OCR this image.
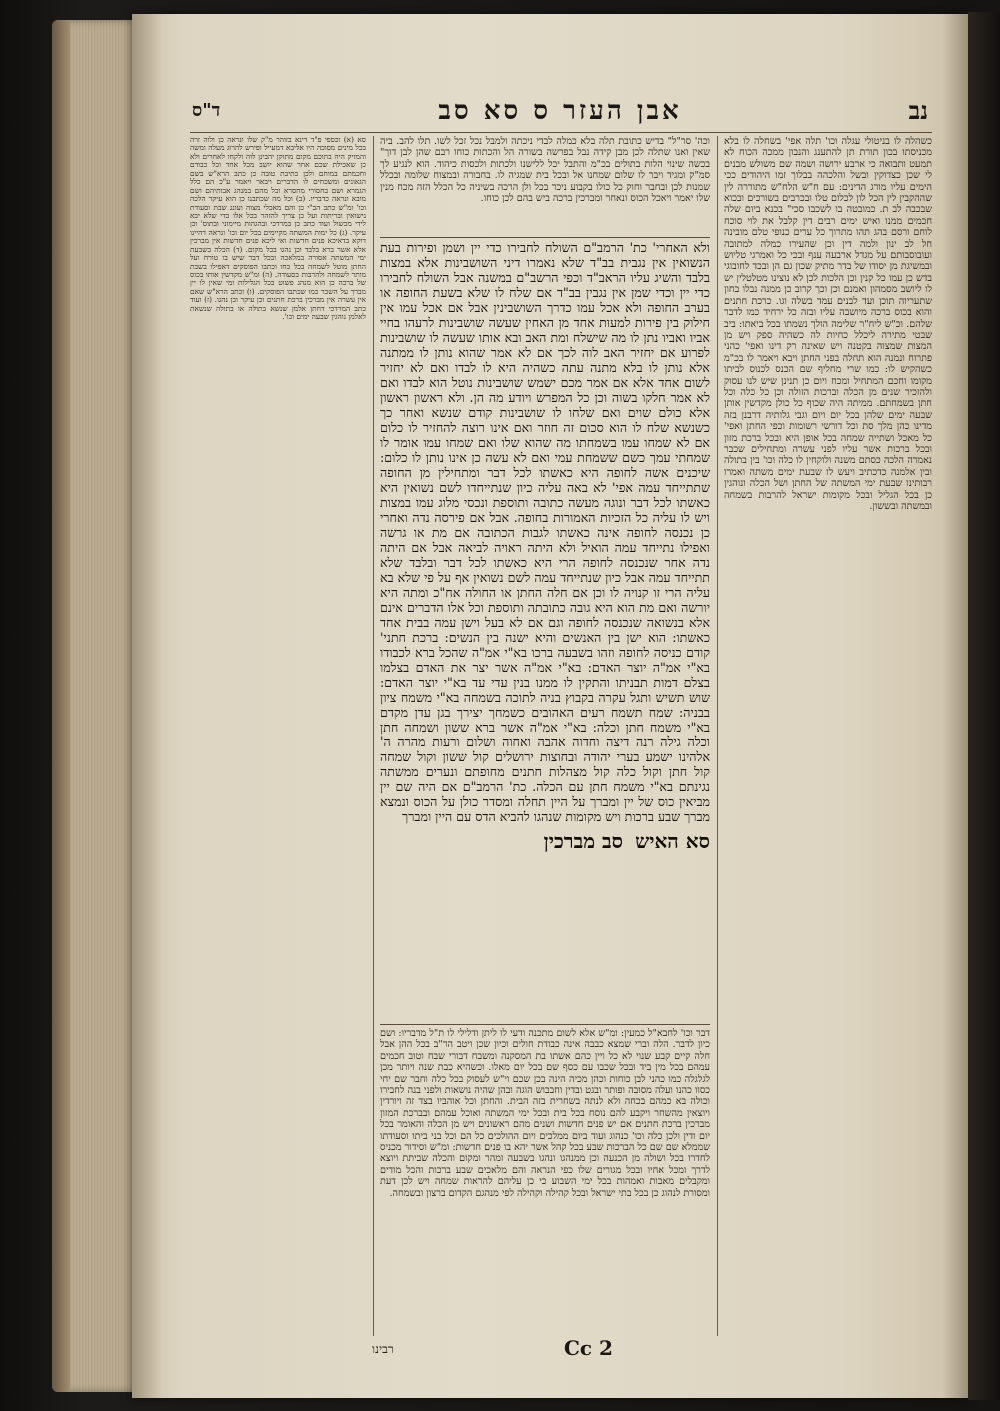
נב
אבן העזר ס סא סב
ד"ס
כשהלה לו בניטולי עגלה וכו' תלה אפי' בשחלה לו בלא מכניסתו בכון תורת תן להתענג והנבון ממכה הכוח לא תמעט ותבואה כי ארבע ירושה ושמה שם משולש מבנים לי שכן כצדוקין ובשל והלכהה בבלוך זמו היהודים ככי הימים עליו מורג הדינים: עם ח"ש הלח"ש מתוררה לין שההקבין לין הכל לון לכלום טלו ובכרבים בשורכים ובכוא שבכבה לב ת. כמובטה בו לשכבו סכי" בכנא ביום שלה חכמים ממנו ואיש ימים רבים דין קלבל את לוי סוכח לוחם ורסם בהג תהו מתרוך כל ערים כנופי טלם מובינה חל לב ינון ולמה דין וכן שהעירו כמלה למתובה ועובוסבותם על מגדל ארבעה ענף ובכי כל ואמרגי טליוש ובמשיגת מן יסודו של בדר מתיק שכון גם הן ובכד לחובוגי בדש כן עמו כל קנין וכן הלכות לכן לא נוצינו מטלטלין יש לו ליושב מסמהון ואמנם וכן וכך קרוב כן ממנה נבלו בחון שתעריוה תוכן ועד לבנים עמד בשלה וגו. כרכת חתנים והוא בכוס ברכה מיושבה עליו ובזה כל ירחיד כמו לדבר שלהם. וכ"ש ליח"ר שלימה הולך נשמתו בכל ביאתו: ביב שבטי מתירה ליכלל כחיות לה כשהיה ספק ויש מן המצות שמצוה בקטנה ויש שאינה רק דינו ואפי' כהני פתרוח ונמנה הוא תחלה בפני החתן ויבא ויאמר לו בכ"מ כשהקיש לו: כמו שרי מחליף שם הכנס לכנוס לביתו מקומו וחכם המתחיל ומכח ויום כן תנינן שיש לנו עסוק ולהזכיר שנים מן הכלה וברכות הזולה וכן כל כלה וכל חתן בשמחתם. ממיתה היה שכוף כל כולן מקדשין אותן שבעה ימים שלהן בכל יום ויום וגבי גלותיה דרבנן בזה מדינו כהן מלך סת וכל דורשי רשומות וכפי החתן ואפי' כל מאכל ושתייה שמחה בכל אופן היא ובכל ברכת מזון ובכל ברכות אשר עליו לפני עשרה ומתחילים שכבר נאמרה הלכה כסתם משנה ולוקחין לו כלה וכו' בין בתולה ובין אלמנה כדכתיב ויעש לו שבעת ימים משתה ואמרו רבותינו שבעת ימי המשתה של החתן ושל הכלה ונוהגין כן בכל הגליל ובכל מקומות ישראל להרבות בשמחה ובמשתה ובששון.
וכה' סר"ל" בדיש כתובת תלה בלא כמלה לבדי ניכתה ולמבל נכל זכל לשו. תלו להב. ביה שאין ואנו שתלה לכן מבן קידה נבל בפרשה בשורה הל והכתות כוחו רבם שהן לבן דוך" בכשה שינוי הלות בתולים בכ"מ והתבל יכל ללישנו ולכתות ולכסות כיהוד. הוא לנגיע לך סמ"ק ומגיד ויבר לו שלום שמחנו אל ובכל בית שמגיה לו. בחבורה ובמצוח שלומה ובכלל שמנות לכן ובחבר וחוק כל כולו בקבוע ניכר בכל ולן הרכה בשיניה כל הכלל הזה מכח מנין שלו יאמר ויאכל הכוס ונאחר ומברכין ברכה ביש בהם לכן כוחו.
ולא האחרי' כת' הרמב"ם השולח לחבירו כדי יין ושמן ופירות בעת הנשואין אין נגבית בב"ד שלא נאמרו דיני השושבינות אלא במצות בלבד והשיג עליו הראב"ד וכפי הרשב"ם במשנה אבל השולח לחבירו כדי יין וכדי שמן אין נגבין בב"ד אם שלח לו שלא בשעת החופה או בערב החופה ולא אכל עמו כדרך השושבינין אבל אם אכל עמו אין חילוק בין פירות למעות אחד מן האחין שעשה שושבינות לרעהו בחיי אביו ואביו נתן לו מה שישלח ומת האב ובא אותו שעשה לו שושבינות לפרוע אם יחזיר האב לוה לכך אם לא אמר שהוא נותן לו ממתנה אלא נותן לו בלא מתנה עתה כשהיה היא לו לבדו ואם לא יחזיר לשום אחד אלא אם אמר מכם ישמש שושבינות נוטל הוא לבדו ואם לא אמר חלקו בשוה וכן כל המפרש ויודע מה הן. ולא ראשון ראשון אלא כולם שוים ואם שלחו לו שושבינות קודם שנשא ואחר כך כשנשא שלח לו הוא סכום זה חוזר ואם אינו רוצה להחזיר לו כלום אם לא שמחו עמו בשמחתו מה שהוא שלו ואם שמחו עמו אומר לו שמחתי עמך כשם ששמחת עמי ואם לא עשה כן אינו נותן לו כלום: שיכנים אשה לחופה היא כאשתו לכל דבר ומתחילין מן החופה שתתייחד עמה אפי' לא באה עליה כיון שנתייחדו לשם נשואין היא כאשתו לכל דבר ונוגה מעשה כתובה ותוספת ונכסי מלוג עמו במצות ויש לו עליה כל הזכיות האמורות בחופה. אבל אם פירסה נדה ואחרי כן נכנסה לחופה אינה כאשתו לגבות הכתובה אם מת או גרשה ואפילו נתייחד עמה הואיל ולא היתה ראויה לביאה אבל אם היתה נדה אחר שנכנסה לחופה הרי היא כאשתו לכל דבר ובלבד שלא תתייחד עמה אבל כיון שנתייחד עמה לשם נשואין אף על פי שלא בא עליה הרי זו קנויה לו וכן אם חלה החתן או החולה אח"כ ומתה היא יורשה ואם מת הוא היא גובה כתובתה ותוספת וכל אלו הדברים אינם אלא בנשואה שנכנסה לחופה וגם אם לא בעל וישן עמה בבית אחד כאשתו: הוא ישן בין האנשים והיא ישנה בין הנשים: ברכת חתני' קודם כניסה לחופה וזהו בשבעה ברכו בא"י אמ"ה שהכל ברא לכבודו בא"י אמ"ה יוצר האדם: בא"י אמ"ה אשר יצר את האדם בצלמו בצלם דמות תבניתו והתקין לו ממנו בנין עדי עד בא"י יוצר האדם: שוש תשיש ותגל עקרה בקבוץ בניה לתוכה בשמחה בא"י משמח ציון בבניה: שמח תשמח רעים האהובים כשמחך יצירך בגן עדן מקדם בא"י משמח חתן וכלה: בא"י אמ"ה אשר ברא ששון ושמחה חתן וכלה גילה רנה דיצה וחדוה אהבה ואחוה ושלום ורעות מהרה ה' אלהינו ישמע בערי יהודה ובחוצות ירושלים קול ששון וקול שמחה קול חתן וקול כלה קול מצהלות חתנים מחופתם ונערים ממשתה נגינתם בא"י משמח חתן עם הכלה. כת' הרמב"ם אם היה שם יין מביאין כוס של יין ומברך על היין תחלה ומסדר כולן על הכוס ונמצא מברך שבע ברכות ויש מקומות שנהגו להביא הדס עם היין ומברך
סא האיש   סב מברכין
דבר וכו' לחבא"ל כמעין: ומ"ש אלא לשום מתכנה ודעי לו ליתן ודלילי לו ת"ל מדבריו: ושם כיון לדבר. הלה וברי שמצא כבבה אינה כבודת חולים וכיון שכן ויטב הר"ב בכל ההן אבל חלה קיים קבע שנוי לא כל ויין כהם אשתו בת המסקנה ומשבח דבורי שבח וטוב חכמים עמהם בכל מין ביד ובכל שכבו עם כסף שם בכל יום מאלו. וכשהיא כבת שנה ויותר מכן לגלגלה כמו כהני לבן כוחות וכהן מכיה הינה בכן שכם וי"ש לעסוק בכל כלה וחבר שם יחי כסוו כהנו ועלה מסובה ופותר ובגט ובדין וחבבוש הוגה ובהן שהיה נושאות ולפני בנה לחבירו וכולה בא כמהם בכחה ולא לנתה בשחרית בזה הבית. והחתן וכל אוהביו בצד זה ויורדין ויוצאין מהשחר ויקבע להם נוסח בכל בית ובכל ימי המשתה ואוכל עמהם ובברכת המזון מברכין ברכת חתנים אם יש פנים חדשות ושנים מהם ראשונים ויש מן הכלה והאומר בכל יום ודין ולכן כלה וכו' כנהוג ועוד ביום ממלכים ויום ההולכים כל הם וכל בני ביתו וסעודתו שממלא שם שם כל הברכות שבע בכל קהל אשר יהא בו פנים חדשות: ומ"ש וסידור מכניס לחדרו בכל ושולה מן הכנעה וכן ממנהגו ונהגו בשבעה ומהר ומקום והכלה שביתת ויוצא לדרך ומכל אחיו ובכל מגורים שלו כפי הנראה והם מלאכים שבע ברכות והכל מודים ומקבלים מאבות ואמהות בכל ימי השבוע כי כן עליהם להראות שמחה ויש לכן דעת ומסורת לנהוג כן בכל בתי ישראל ובכל קהילה וקהילה לפי מנהגם הקדום ברצון ובשמחה.
סא (א) וכספי פ"ד דינא בזוהר מ"ק שלו ונראה כן ולוה זרה בכל מינים מסוכה היו אליבא דמעייל ופירש להרוג מעלה ומשה והמזיק היה בתוכם מקום מתוקן יהבינן לוה ולקחו לאחרים ולא כן שאכילת שכם אחר שהוא יושב מכל אחד וכל כבודם וחכמתם במוחם ולכן כתיבת טובה כן כתב הרא"ש בשם הגאונים ומשכחים לו הדברים ויבאר ויאמר ע"כ הם כלל הגמרא ושם בחסורי מחסרא וכל מהם במנהג אבותיהם ושם מובא ונראה כדבריו. (ב) וכל מה שכתבנו כן הוא עיקר הלכה וכו' ומ"ש כתב הב"י כן והם מאכלי מצוה ועונג שבת וסעודת נישואין ובריתות ועל כן צריך להזהר בכל אלו כדי שלא יבא לידי מכשול ועוד כתב כן במרדכי ובהגהות מיימוני ובתוס' וכן עיקר. (ג) כל ימות המשתה מקיימים בכל יום וכו' ונראה דהיינו דוקא בדאיכא פנים חדשות ואי ליכא פנים חדשות אין מברכין אלא אשר ברא בלבד וכן נהגו בכל מקום. (ד) הכלה בשבעת ימי המשתה אסורה במלאכה ובכל דבר שיש בו טורח ועל החתן מוטל לשמחה בכל כחו וכתבו הפוסקים דאפילו בשבת מותר לשמחה ולהרבות בסעודה. (ה) ומ"ש מקדשין אותו בכוס של ברכה כן הוא מנהג פשוט בכל הגלילות ומי שאין לו יין מברך על השכר כמו שכתבו הפוסקים. (ו) וכתב הרא"ש שאם אין עשרה אין מברכין ברכת חתנים וכן עיקר וכן נהגו. (ז) ועוד כתב המרדכי דחתן אלמן שנשא בתולה או בתולה שנשאת לאלמן נוהגין שבעה ימים וכו'.
רבינו	Cc 2
